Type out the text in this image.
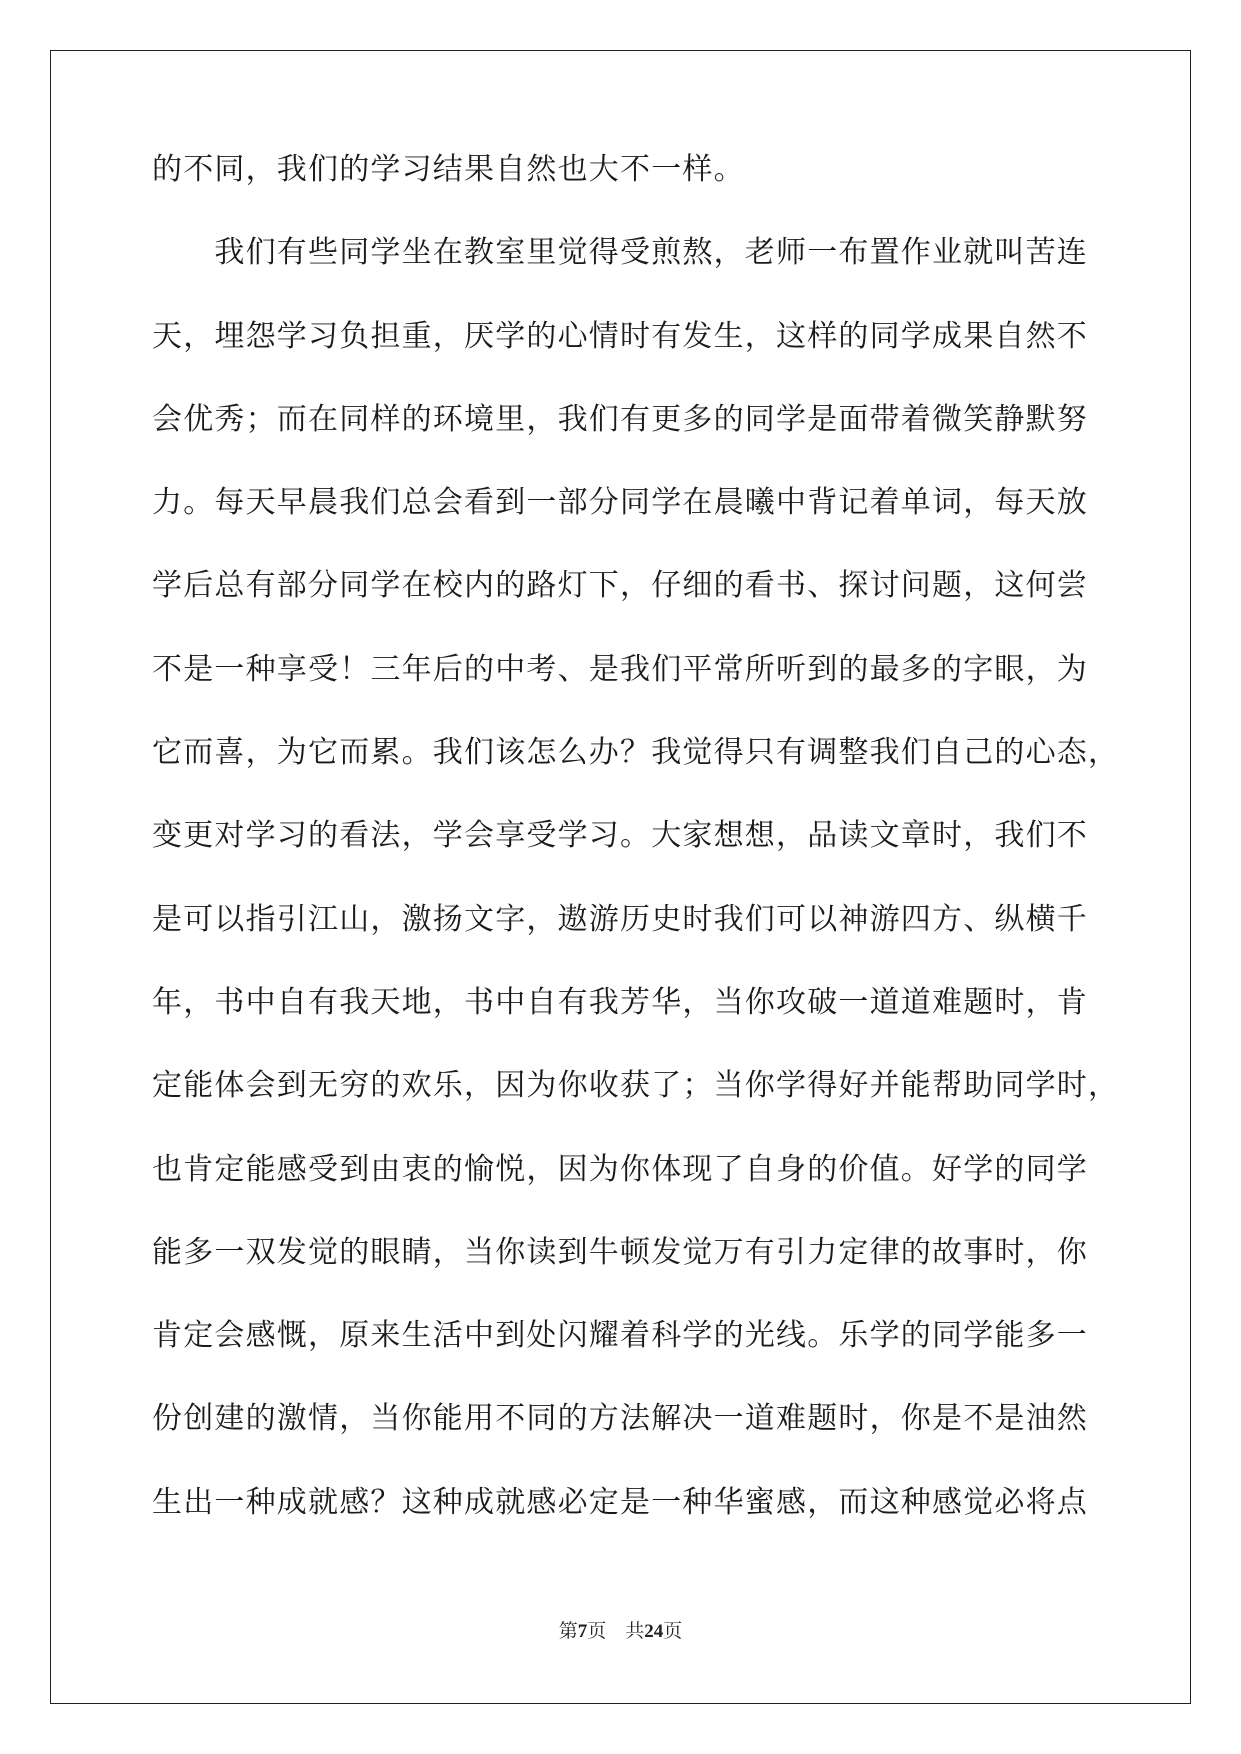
的不同，我们的学习结果自然也大不一样。
　　我们有些同学坐在教室里觉得受煎熬，老师一布置作业就叫苦连
天，埋怨学习负担重，厌学的心情时有发生，这样的同学成果自然不
会优秀；而在同样的环境里，我们有更多的同学是面带着微笑静默努
力。每天早晨我们总会看到一部分同学在晨曦中背记着单词，每天放
学后总有部分同学在校内的路灯下，仔细的看书、探讨问题，这何尝
不是一种享受！三年后的中考、是我们平常所听到的最多的字眼，为
它而喜，为它而累。我们该怎么办？我觉得只有调整我们自己的心态，
变更对学习的看法，学会享受学习。大家想想，品读文章时，我们不
是可以指引江山，激扬文字，遨游历史时我们可以神游四方、纵横千
年，书中自有我天地，书中自有我芳华，当你攻破一道道难题时，肯
定能体会到无穷的欢乐，因为你收获了；当你学得好并能帮助同学时，
也肯定能感受到由衷的愉悦，因为你体现了自身的价值。好学的同学
能多一双发觉的眼睛，当你读到牛顿发觉万有引力定律的故事时，你
肯定会感慨，原来生活中到处闪耀着科学的光线。乐学的同学能多一
份创建的激情，当你能用不同的方法解决一道难题时，你是不是油然
生出一种成就感？这种成就感必定是一种华蜜感，而这种感觉必将点
第7页 共24页
